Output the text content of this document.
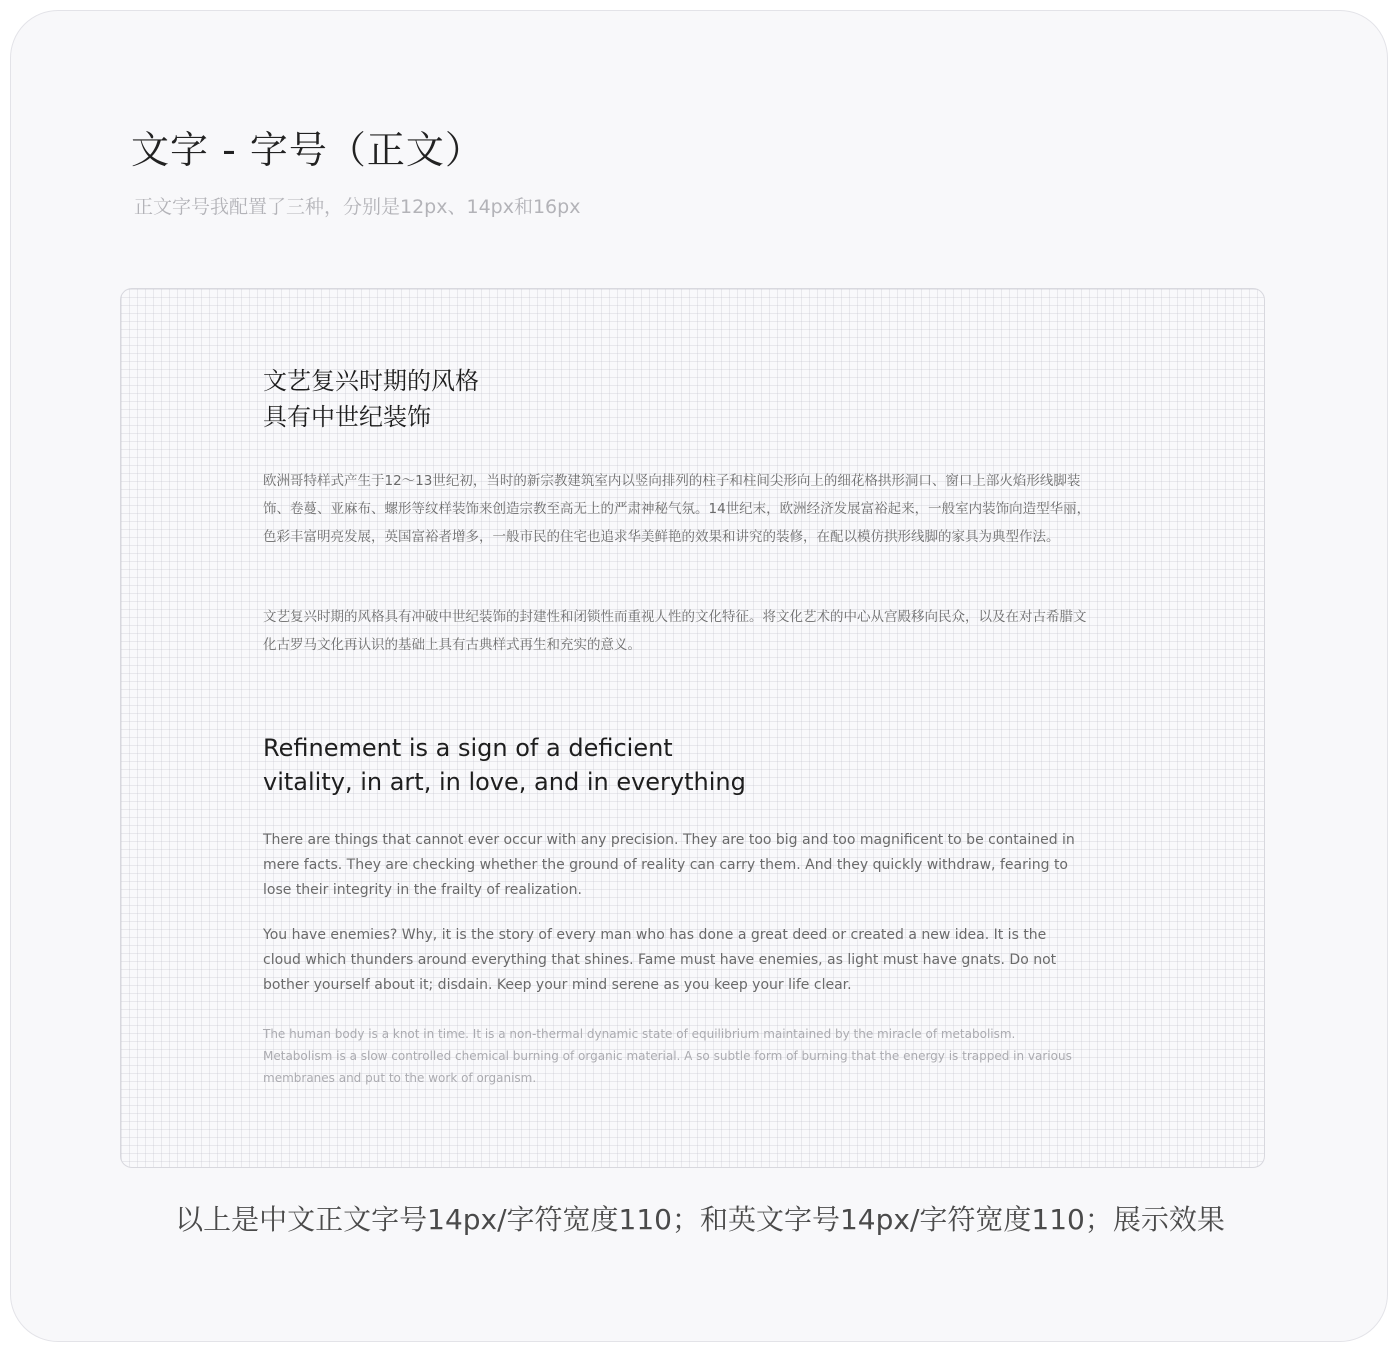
文字 - 字号（正文）

正文字号我配置了三种，分别是12px、14px和16px

文艺复兴时期的风格
具有中世纪装饰

欧洲哥特样式产生于12～13世纪初，当时的新宗教建筑室内以竖向排列的柱子和柱间尖形向上的细花格拱形洞口、窗口上部火焰形线脚装饰、卷蔓、亚麻布、螺形等纹样装饰来创造宗教至高无上的严肃神秘气氛。14世纪末，欧洲经济发展富裕起来，一般室内装饰向造型华丽，色彩丰富明亮发展，英国富裕者增多，一般市民的住宅也追求华美鲜艳的效果和讲究的装修，在配以模仿拱形线脚的家具为典型作法。

文艺复兴时期的风格具有冲破中世纪装饰的封建性和闭锁性而重视人性的文化特征。将文化艺术的中心从宫殿移向民众，以及在对古希腊文化古罗马文化再认识的基础上具有古典样式再生和充实的意义。

Refinement is a sign of a deficient
vitality, in art, in love, and in everything

There are things that cannot ever occur with any precision. They are too big and too magnificent to be contained in mere facts. They are checking whether the ground of reality can carry them. And they quickly withdraw, fearing to lose their integrity in the frailty of realization.

You have enemies? Why, it is the story of every man who has done a great deed or created a new idea. It is the cloud which thunders around everything that shines. Fame must have enemies, as light must have gnats. Do not bother yourself about it; disdain. Keep your mind serene as you keep your life clear.

The human body is a knot in time. It is a non-thermal dynamic state of equilibrium maintained by the miracle of metabolism. Metabolism is a slow controlled chemical burning of organic material. A so subtle form of burning that the energy is trapped in various membranes and put to the work of organism.

以上是中文正文字号14px/字符宽度110；和英文字号14px/字符宽度110；展示效果
